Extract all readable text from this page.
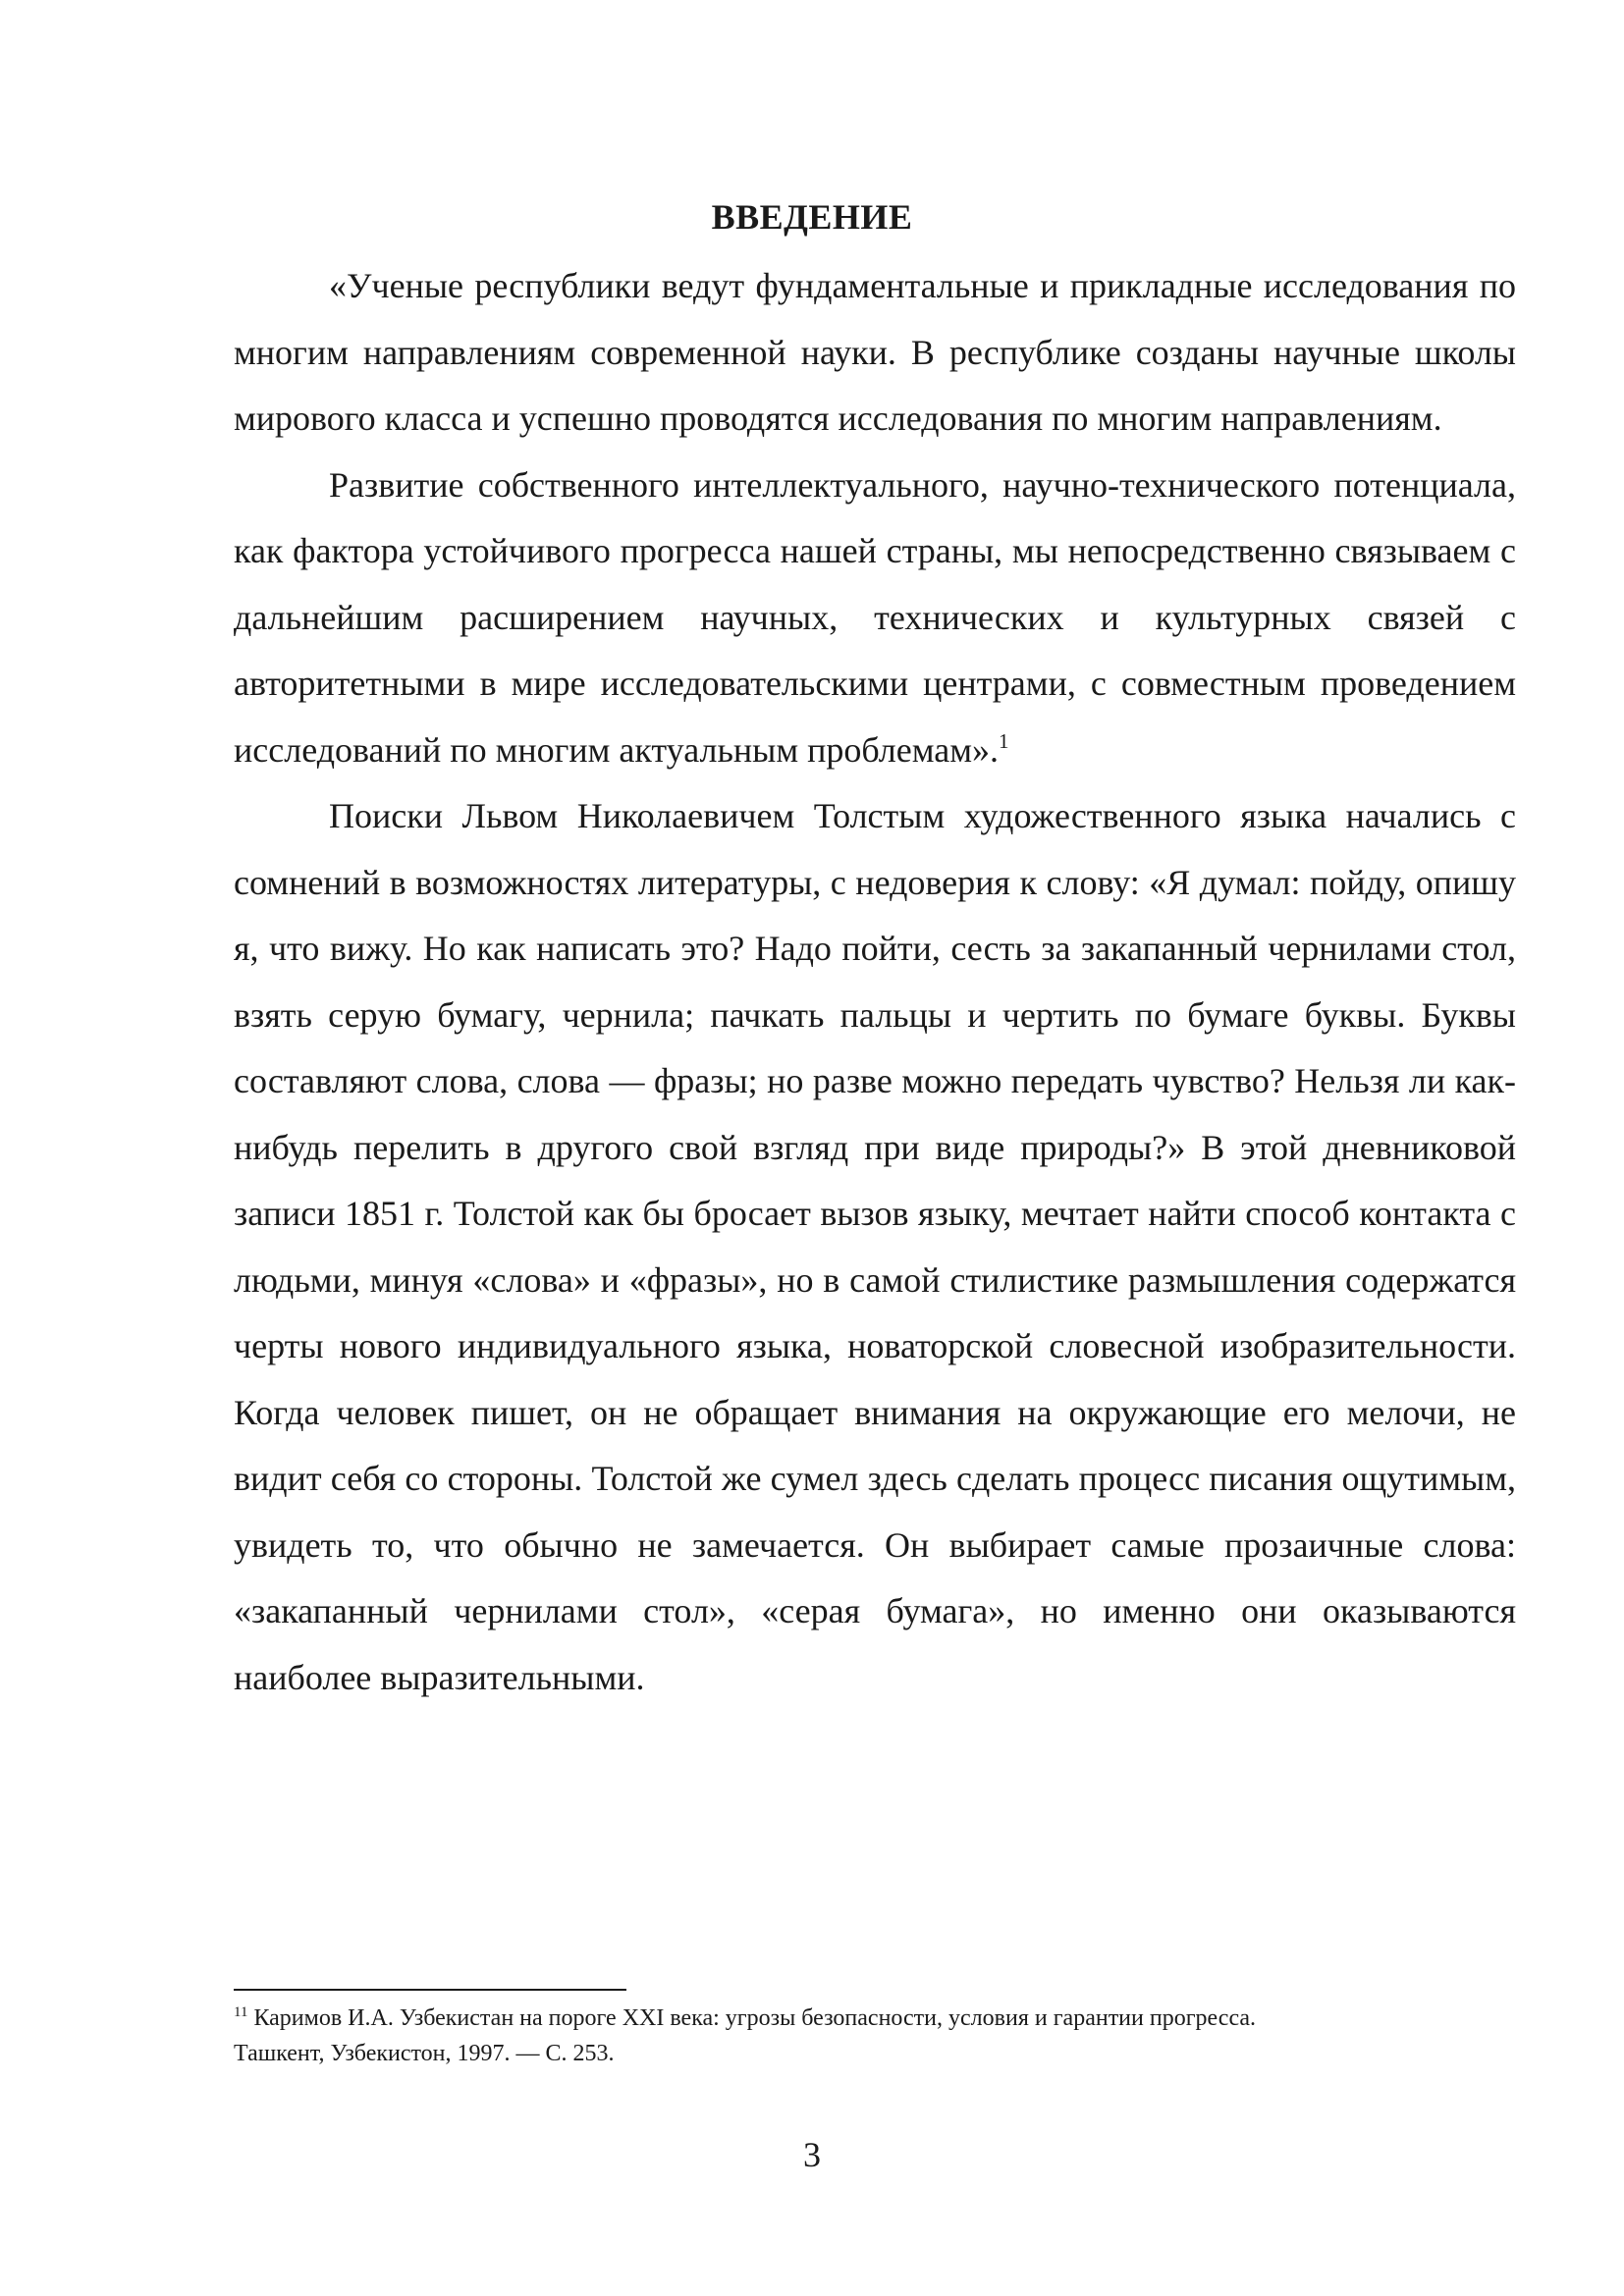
ВВЕДЕНИЕ

«Ученые республики ведут фундаментальные и прикладные исследования по многим направлениям современной науки. В республике созданы научные школы мирового класса и успешно проводятся исследования по многим направлениям.

Развитие собственного интеллектуального, научно-технического потенциала, как фактора устойчивого прогресса нашей страны, мы непосредственно связываем с дальнейшим расширением научных, технических и культурных связей с авторитетными в мире исследовательскими центрами, с совместным проведением исследований по многим актуальным проблемам».$^1$

Поиски Львом Николаевичем Толстым художественного языка начались с сомнений в возможностях литературы, с недоверия к слову: «Я думал: пойду, опишу я, что вижу. Но как написать это? Надо пойти, сесть за закапанный чернилами стол, взять серую бумагу, чернила; пачкать пальцы и чертить по бумаге буквы. Буквы составляют слова, слова — фразы; но разве можно передать чувство? Нельзя ли как-нибудь перелить в другого свой взгляд при виде природы?» В этой дневниковой записи 1851 г. Толстой как бы бросает вызов языку, мечтает найти способ контакта с людьми, минуя «слова» и «фразы», но в самой стилистике размышления содержатся черты нового индивидуального языка, новаторской словесной изобразительности. Когда человек пишет, он не обращает внимания на окружающие его мелочи, не видит себя со стороны. Толстой же сумел здесь сделать процесс писания ощутимым, увидеть то, что обычно не замечается. Он выбирает самые прозаичные слова: «закапанный чернилами стол», «серая бумага», но именно они оказываются наиболее выразительными.

$^{11}$ Каримов И.А. Узбекистан на пороге XXI века: угрозы безопасности, условия и гарантии прогресса.
Ташкент, Узбекистон, 1997. — С. 253.
3
